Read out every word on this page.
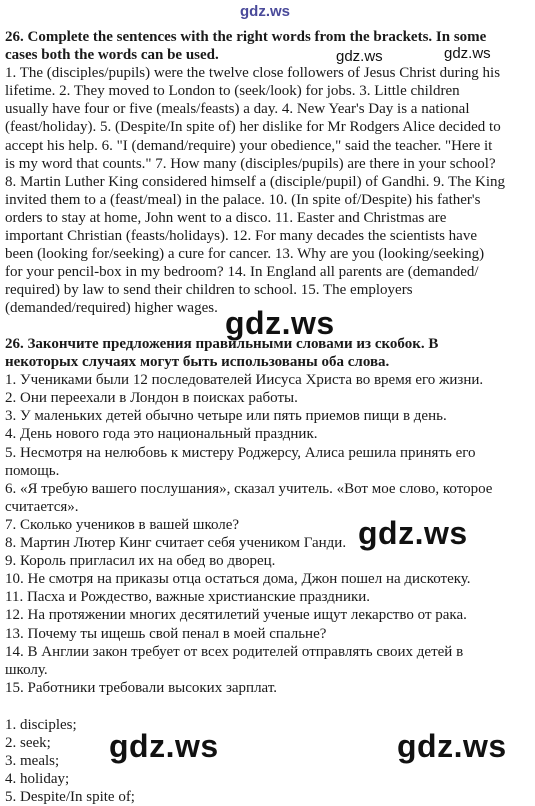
gdz.ws
26. Complete the sentences with the right words from the brackets. In some
cases both the words can be used.
1. The (disciples/pupils) were the twelve close followers of Jesus Christ during his
lifetime. 2. They moved to London to (seek/look) for jobs. 3. Little children
usually have four or five (meals/feasts) a day. 4. New Year's Day is a national
(feast/holiday). 5. (Despite/In spite of) her dislike for Mr Rodgers Alice decided to
accept his help. 6. "I (demand/require) your obedience," said the teacher. "Here it
is my word that counts." 7. How many (disciples/pupils) are there in your school?
8. Martin Luther King considered himself a (disciple/pupil) of Gandhi. 9. The King
invited them to a (feast/meal) in the palace. 10. (In spite of/Despite) his father's
orders to stay at home, John went to a disco. 11. Easter and Christmas are
important Christian (feasts/holidays). 12. For many decades the scientists have
been (looking for/seeking) a cure for cancer. 13. Why are you (looking/seeking)
for your pencil-box in my bedroom? 14. In England all parents are (demanded/
required) by law to send their children to school. 15. The employers
(demanded/required) higher wages.
26. Закончите предложения правильными словами из скобок. В
некоторых случаях могут быть использованы оба слова.
1. Учениками были 12 последователей Иисуса Христа во время его жизни.
2. Они переехали в Лондон в поисках работы.
3. У маленьких детей обычно четыре или пять приемов пищи в день.
4. День нового года это национальный праздник.
5. Несмотря на нелюбовь к мистеру Роджерсу, Алиса решила принять его
помощь.
6. «Я требую вашего послушания», сказал учитель. «Вот мое слово, которое
считается».
7. Сколько учеников в вашей школе?
8. Мартин Лютер Кинг считает себя учеником Ганди.
9. Король пригласил их на обед во дворец.
10. Не смотря на приказы отца остаться дома, Джон пошел на дискотеку.
11. Пасха и Рождество, важные христианские праздники.
12. На протяжении многих десятилетий ученые ищут лекарство от рака.
13. Почему ты ищешь свой пенал в моей спальне?
14. В Англии закон требует от всех родителей отправлять своих детей в
школу.
15. Работники требовали высоких зарплат.
1. disciples;
2. seek;
3. meals;
4. holiday;
5. Despite/In spite of;
gdz.ws	gdz.ws
gdz.ws
gdz.ws
gdz.ws	gdz.ws
